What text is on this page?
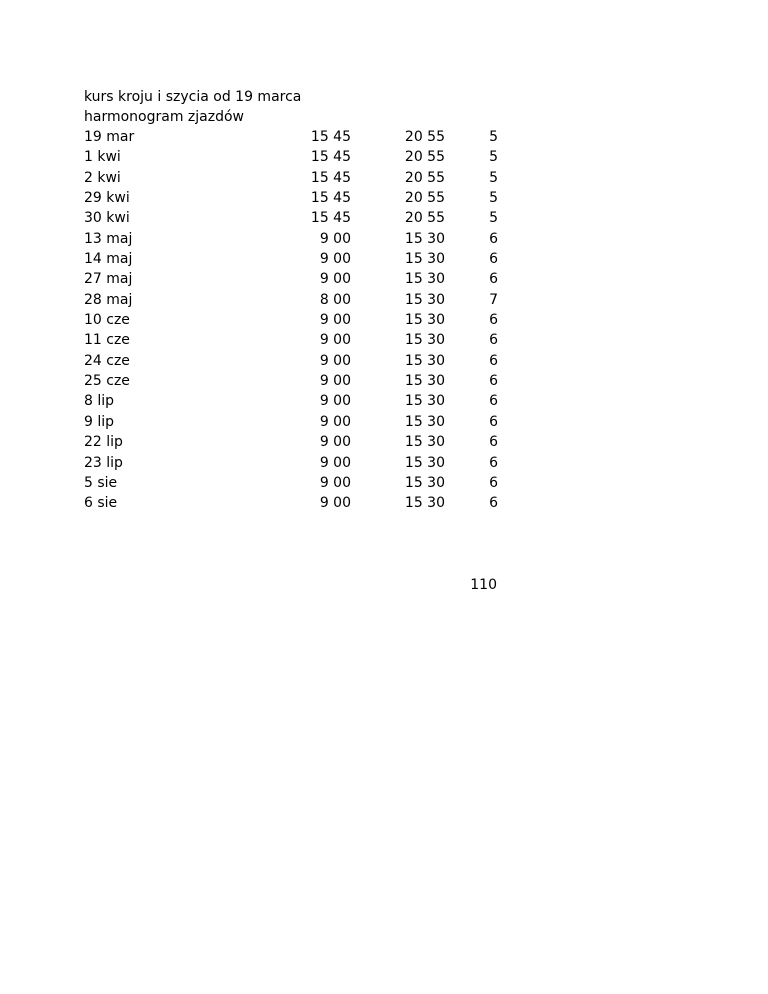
kurs kroju i szycia od 19 marca
harmonogram zjazdów
19 mar	15 45	20 55	5
1 kwi	15 45	20 55	5
2 kwi	15 45	20 55	5
29 kwi	15 45	20 55	5
30 kwi	15 45	20 55	5
13 maj	9 00	15 30	6
14 maj	9 00	15 30	6
27 maj	9 00	15 30	6
28 maj	8 00	15 30	7
10 cze	9 00	15 30	6
11 cze	9 00	15 30	6
24 cze	9 00	15 30	6
25 cze	9 00	15 30	6
8 lip	9 00	15 30	6
9 lip	9 00	15 30	6
22 lip	9 00	15 30	6
23 lip	9 00	15 30	6
5 sie	9 00	15 30	6
6 sie	9 00	15 30	6
110
